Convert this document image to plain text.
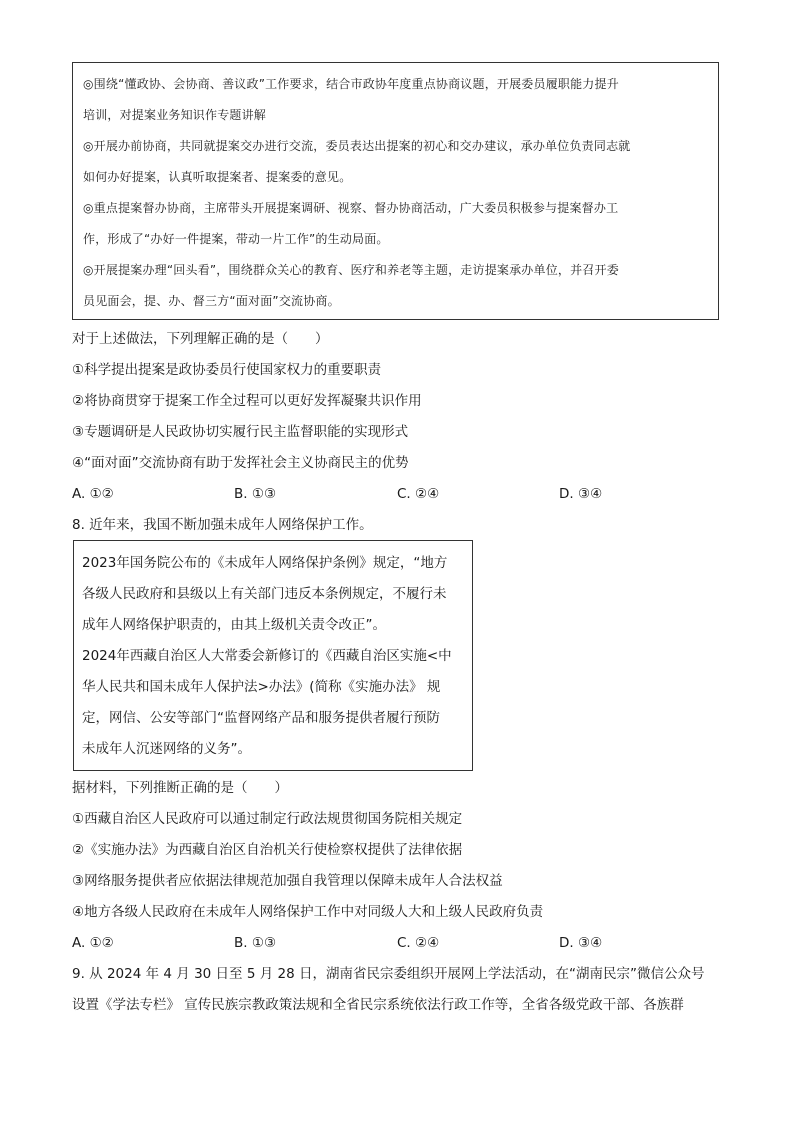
◎围绕“懂政协、会协商、善议政”工作要求，结合市政协年度重点协商议题，开展委员履职能力提升
培训，对提案业务知识作专题讲解
◎开展办前协商，共同就提案交办进行交流，委员表达出提案的初心和交办建议，承办单位负责同志就
如何办好提案，认真听取提案者、提案委的意见。
◎重点提案督办协商，主席带头开展提案调研、视察、督办协商活动，广大委员积极参与提案督办工
作，形成了“办好一件提案，带动一片工作”的生动局面。
◎开展提案办理“回头看”，围绕群众关心的教育、医疗和养老等主题，走访提案承办单位，并召开委
员见面会，提、办、督三方“面对面”交流协商。
对于上述做法，下列理解正确的是（　　）
①科学提出提案是政协委员行使国家权力的重要职责
②将协商贯穿于提案工作全过程可以更好发挥凝聚共识作用
③专题调研是人民政协切实履行民主监督职能的实现形式
④“面对面”交流协商有助于发挥社会主义协商民主的优势
A. ①②	B. ①③	C. ②④	D. ③④
8. 近年来，我国不断加强未成年人网络保护工作。
2023年国务院公布的《未成年人网络保护条例》规定，“地方
各级人民政府和县级以上有关部门违反本条例规定，不履行未
成年人网络保护职责的，由其上级机关责令改正”。
2024年西藏自治区人大常委会新修订的《西藏自治区实施<中
华人民共和国未成年人保护法>办法》(简称《实施办法》 规
定，网信、公安等部门“监督网络产品和服务提供者履行预防
未成年人沉迷网络的义务”。
据材料，下列推断正确的是（　　）
①西藏自治区人民政府可以通过制定行政法规贯彻国务院相关规定
②《实施办法》为西藏自治区自治机关行使检察权提供了法律依据
③网络服务提供者应依据法律规范加强自我管理以保障未成年人合法权益
④地方各级人民政府在未成年人网络保护工作中对同级人大和上级人民政府负责
A. ①②	B. ①③	C. ②④	D. ③④
9. 从 2024 年 4 月 30 日至 5 月 28 日，湖南省民宗委组织开展网上学法活动，在“湖南民宗”微信公众号
设置《学法专栏》 宣传民族宗教政策法规和全省民宗系统依法行政工作等，全省各级党政干部、各族群
